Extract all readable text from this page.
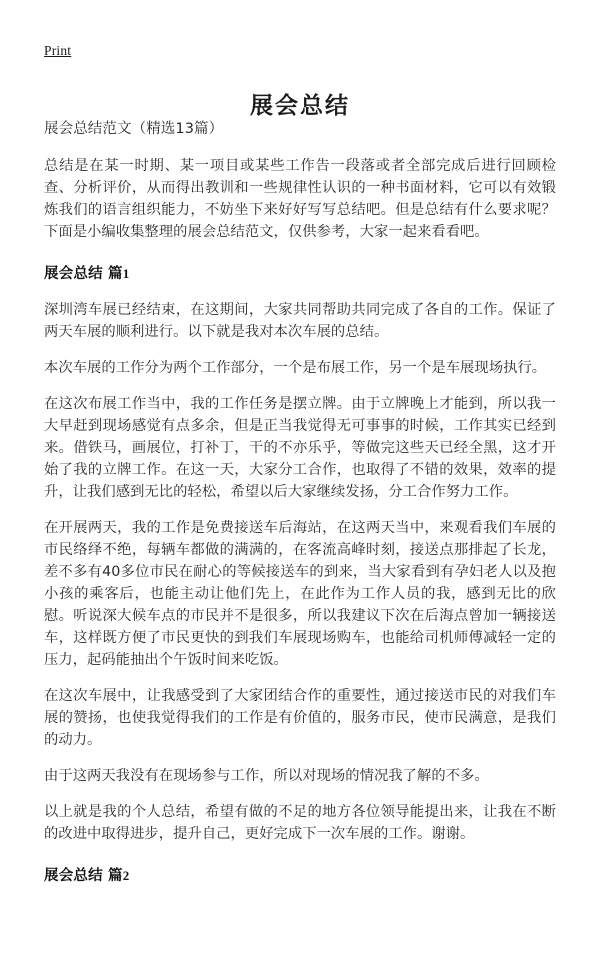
Print
展会总结
展会总结范文（精选13篇）

总结是在某一时期、某一项目或某些工作告一段落或者全部完成后进行回顾检查、分析评价，从而得出教训和一些规律性认识的一种书面材料，它可以有效锻炼我们的语言组织能力，不妨坐下来好好写写总结吧。但是总结有什么要求呢？下面是小编收集整理的展会总结范文，仅供参考，大家一起来看看吧。

展会总结 篇1

深圳湾车展已经结束，在这期间，大家共同帮助共同完成了各自的工作。保证了两天车展的顺利进行。以下就是我对本次车展的总结。

本次车展的工作分为两个工作部分，一个是布展工作，另一个是车展现场执行。

在这次布展工作当中，我的工作任务是摆立牌。由于立牌晚上才能到，所以我一大早赶到现场感觉有点多余，但是正当我觉得无可事事的时候，工作其实已经到来。借铁马，画展位，打补丁，干的不亦乐乎，等做完这些天已经全黑，这才开始了我的立牌工作。在这一天，大家分工合作，也取得了不错的效果，效率的提升，让我们感到无比的轻松，希望以后大家继续发扬，分工合作努力工作。

在开展两天，我的工作是免费接送车后海站，在这两天当中，来观看我们车展的市民络绎不绝，每辆车都做的满满的，在客流高峰时刻，接送点那排起了长龙，差不多有40多位市民在耐心的等候接送车的到来，当大家看到有孕妇老人以及抱小孩的乘客后，也能主动让他们先上，在此作为工作人员的我，感到无比的欣慰。听说深大候车点的市民并不是很多，所以我建议下次在后海点曾加一辆接送车，这样既方便了市民更快的到我们车展现场购车，也能给司机师傅减轻一定的压力，起码能抽出个午饭时间来吃饭。

在这次车展中，让我感受到了大家团结合作的重要性，通过接送市民的对我们车展的赞扬，也使我觉得我们的工作是有价值的，服务市民，使市民满意，是我们的动力。

由于这两天我没有在现场参与工作，所以对现场的情况我了解的不多。

以上就是我的个人总结，希望有做的不足的地方各位领导能提出来，让我在不断的改进中取得进步，提升自己，更好完成下一次车展的工作。谢谢。

展会总结 篇2
